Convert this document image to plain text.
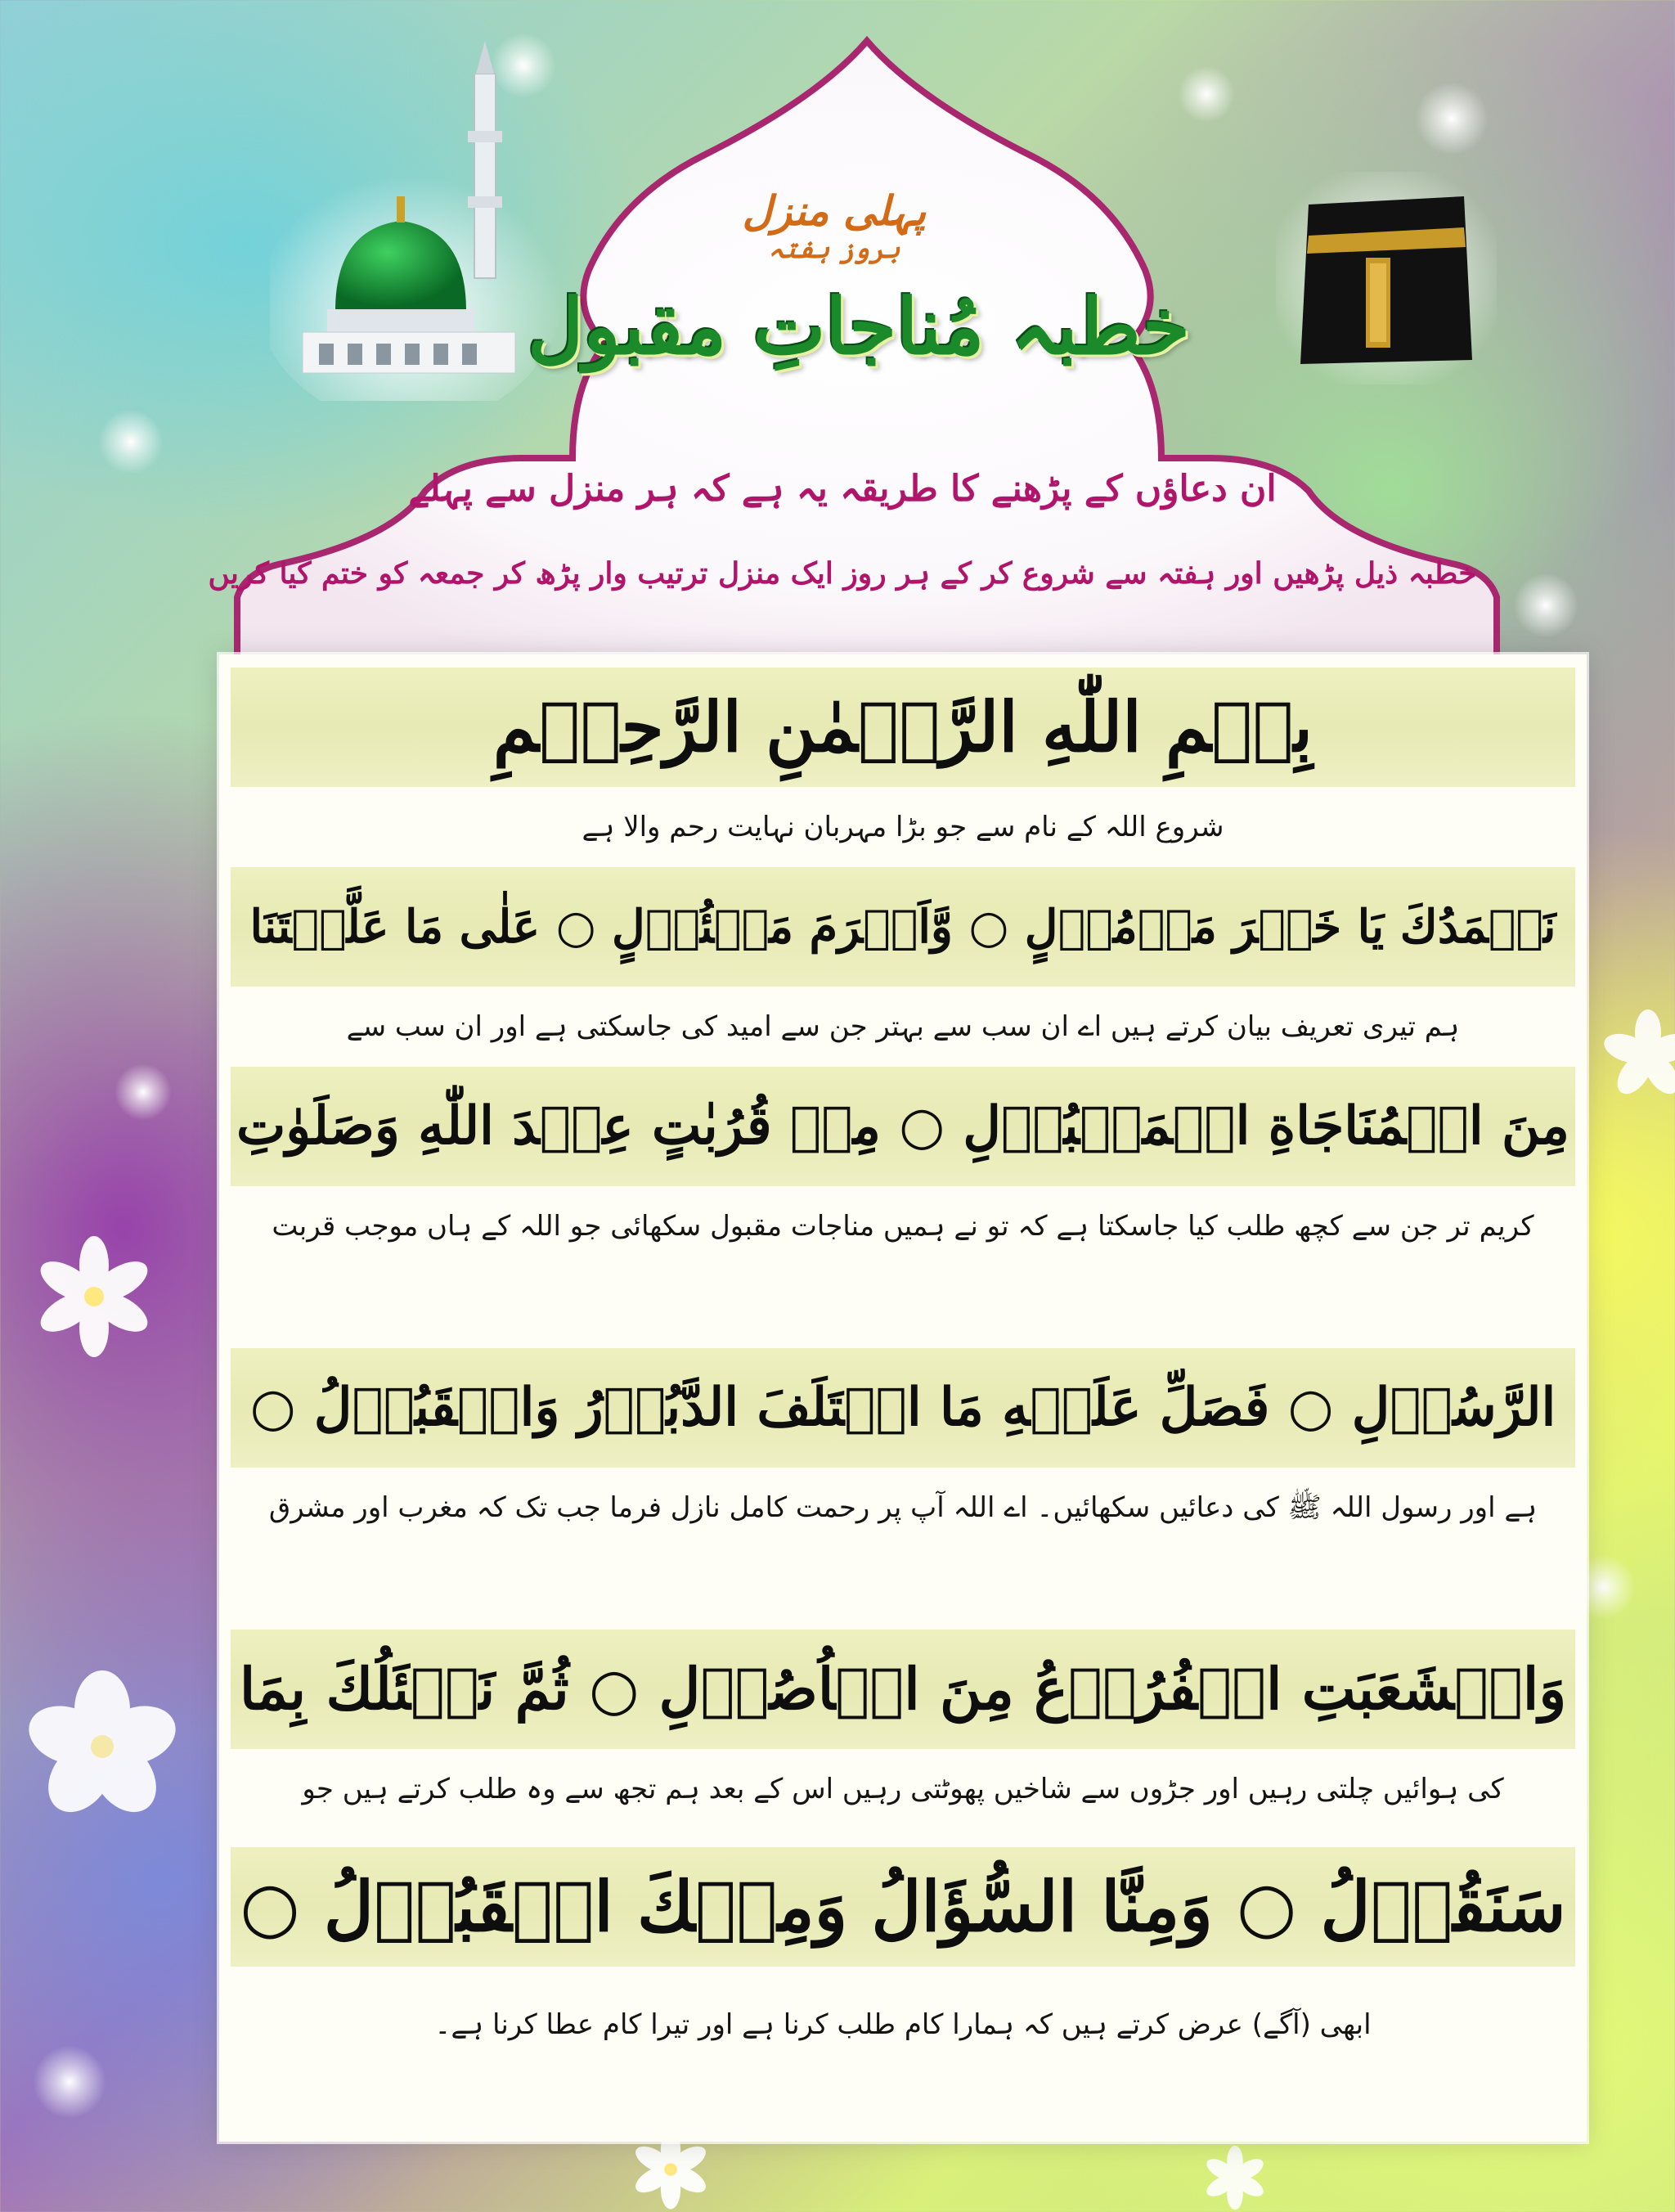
پہلی منزل
بروز ہفتہ
خطبہ مُناجاتِ مقبول
ان دعاؤں کے پڑھنے کا طریقہ یہ ہے کہ ہر منزل سے پہلے
خطبہ ذیل پڑھیں اور ہفتہ سے شروع کر کے ہر روز ایک منزل ترتیب وار پڑھ کر جمعہ کو ختم کیا کریں
بِسۡمِ اللّٰهِ الرَّحۡمٰنِ الرَّحِيۡمِ
شروع اللہ کے نام سے جو بڑا مہربان نہایت رحم والا ہے
نَحۡمَدُكَ يَا خَيۡرَ مَأۡمُوۡلٍ ○ وَّاَكۡرَمَ مَسۡئُوۡلٍ ○ عَلٰى مَا عَلَّمۡتَنَا
ہم تیری تعریف بیان کرتے ہیں اے ان سب سے بہتر جن سے امید کی جاسکتی ہے اور ان سب سے
مِنَ الۡمُنَاجَاةِ الۡمَقۡبُوۡلِ ○ مِنۡ قُرُبٰتٍ عِنۡدَ اللّٰهِ وَصَلَوٰتِ
کریم تر جن سے کچھ طلب کیا جاسکتا ہے کہ تو نے ہمیں مناجات مقبول سکھائی جو اللہ کے ہاں موجب قربت
الرَّسُوۡلِ ○ فَصَلِّ عَلَيۡهِ مَا اخۡتَلَفَ الدَّبُوۡرُ وَالۡقَبُوۡلُ ○
ہے اور رسول اللہ ﷺ کی دعائیں سکھائیں۔ اے اللہ آپ پر رحمت کامل نازل فرما جب تک کہ مغرب اور مشرق
وَانۡشَعَبَتِ الۡفُرُوۡعُ مِنَ الۡاُصُوۡلِ ○ ثُمَّ نَسۡئَلُكَ بِمَا
کی ہوائیں چلتی رہیں اور جڑوں سے شاخیں پھوٹتی رہیں اس کے بعد ہم تجھ سے وہ طلب کرتے ہیں جو
سَنَقُوۡلُ ○ وَمِنَّا السُّؤَالُ وَمِنۡكَ الۡقَبُوۡلُ ○
ابھی (آگے) عرض کرتے ہیں کہ ہمارا کام طلب کرنا ہے اور تیرا کام عطا کرنا ہے۔
